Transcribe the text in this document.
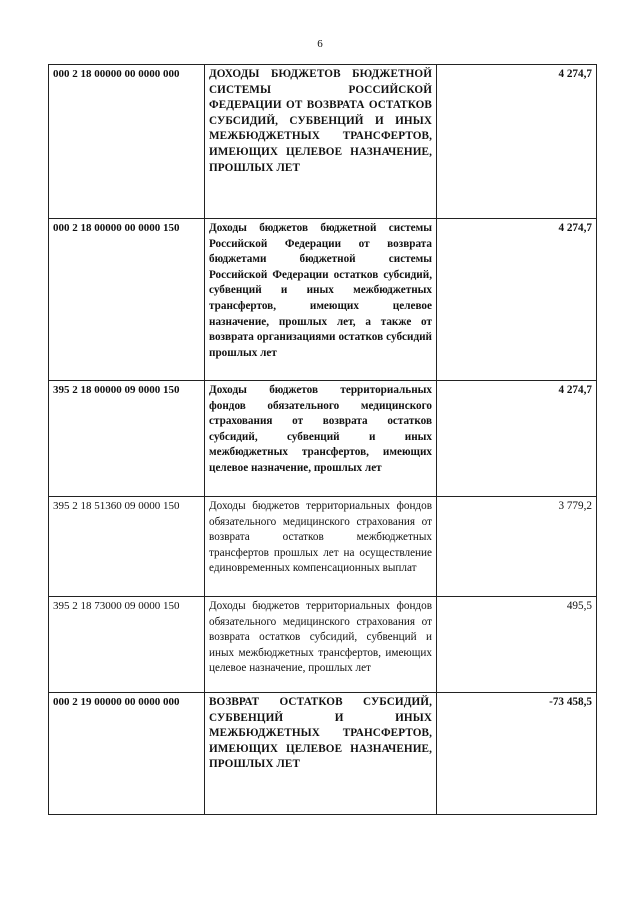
6
000 2 18 00000 00 0000 000	ДОХОДЫ БЮДЖЕТОВ БЮДЖЕТНОЙ СИСТЕМЫ РОССИЙСКОЙ ФЕДЕРАЦИИ ОТ ВОЗВРАТА ОСТАТКОВ СУБСИДИЙ, СУБВЕНЦИЙ И ИНЫХ МЕЖБЮДЖЕТНЫХ ТРАНСФЕРТОВ, ИМЕЮЩИХ ЦЕЛЕВОЕ НАЗНАЧЕНИЕ, ПРОШЛЫХ ЛЕТ	4 274,7
000 2 18 00000 00 0000 150	Доходы бюджетов бюджетной системы Российской Федерации от возврата бюджетами бюджетной системы Российской Федерации остатков субсидий, субвенций и иных межбюджетных трансфертов, имеющих целевое назначение, прошлых лет, а также от возврата организациями остатков субсидий прошлых лет	4 274,7
395 2 18 00000 09 0000 150	Доходы бюджетов территориальных фондов обязательного медицинского страхования от возврата остатков субсидий, субвенций и иных межбюджетных трансфертов, имеющих целевое назначение, прошлых лет	4 274,7
395 2 18 51360 09 0000 150	Доходы бюджетов территориальных фондов обязательного медицинского страхования от возврата остатков межбюджетных трансфертов прошлых лет на осуществление единовременных компенсационных выплат	3 779,2
395 2 18 73000 09 0000 150	Доходы бюджетов территориальных фондов обязательного медицинского страхования от возврата остатков субсидий, субвенций и иных межбюджетных трансфертов, имеющих целевое назначение, прошлых лет	495,5
000 2 19 00000 00 0000 000	ВОЗВРАТ ОСТАТКОВ СУБСИДИЙ, СУБВЕНЦИЙ И ИНЫХ МЕЖБЮДЖЕТНЫХ ТРАНСФЕРТОВ, ИМЕЮЩИХ ЦЕЛЕВОЕ НАЗНАЧЕНИЕ, ПРОШЛЫХ ЛЕТ	-73 458,5
